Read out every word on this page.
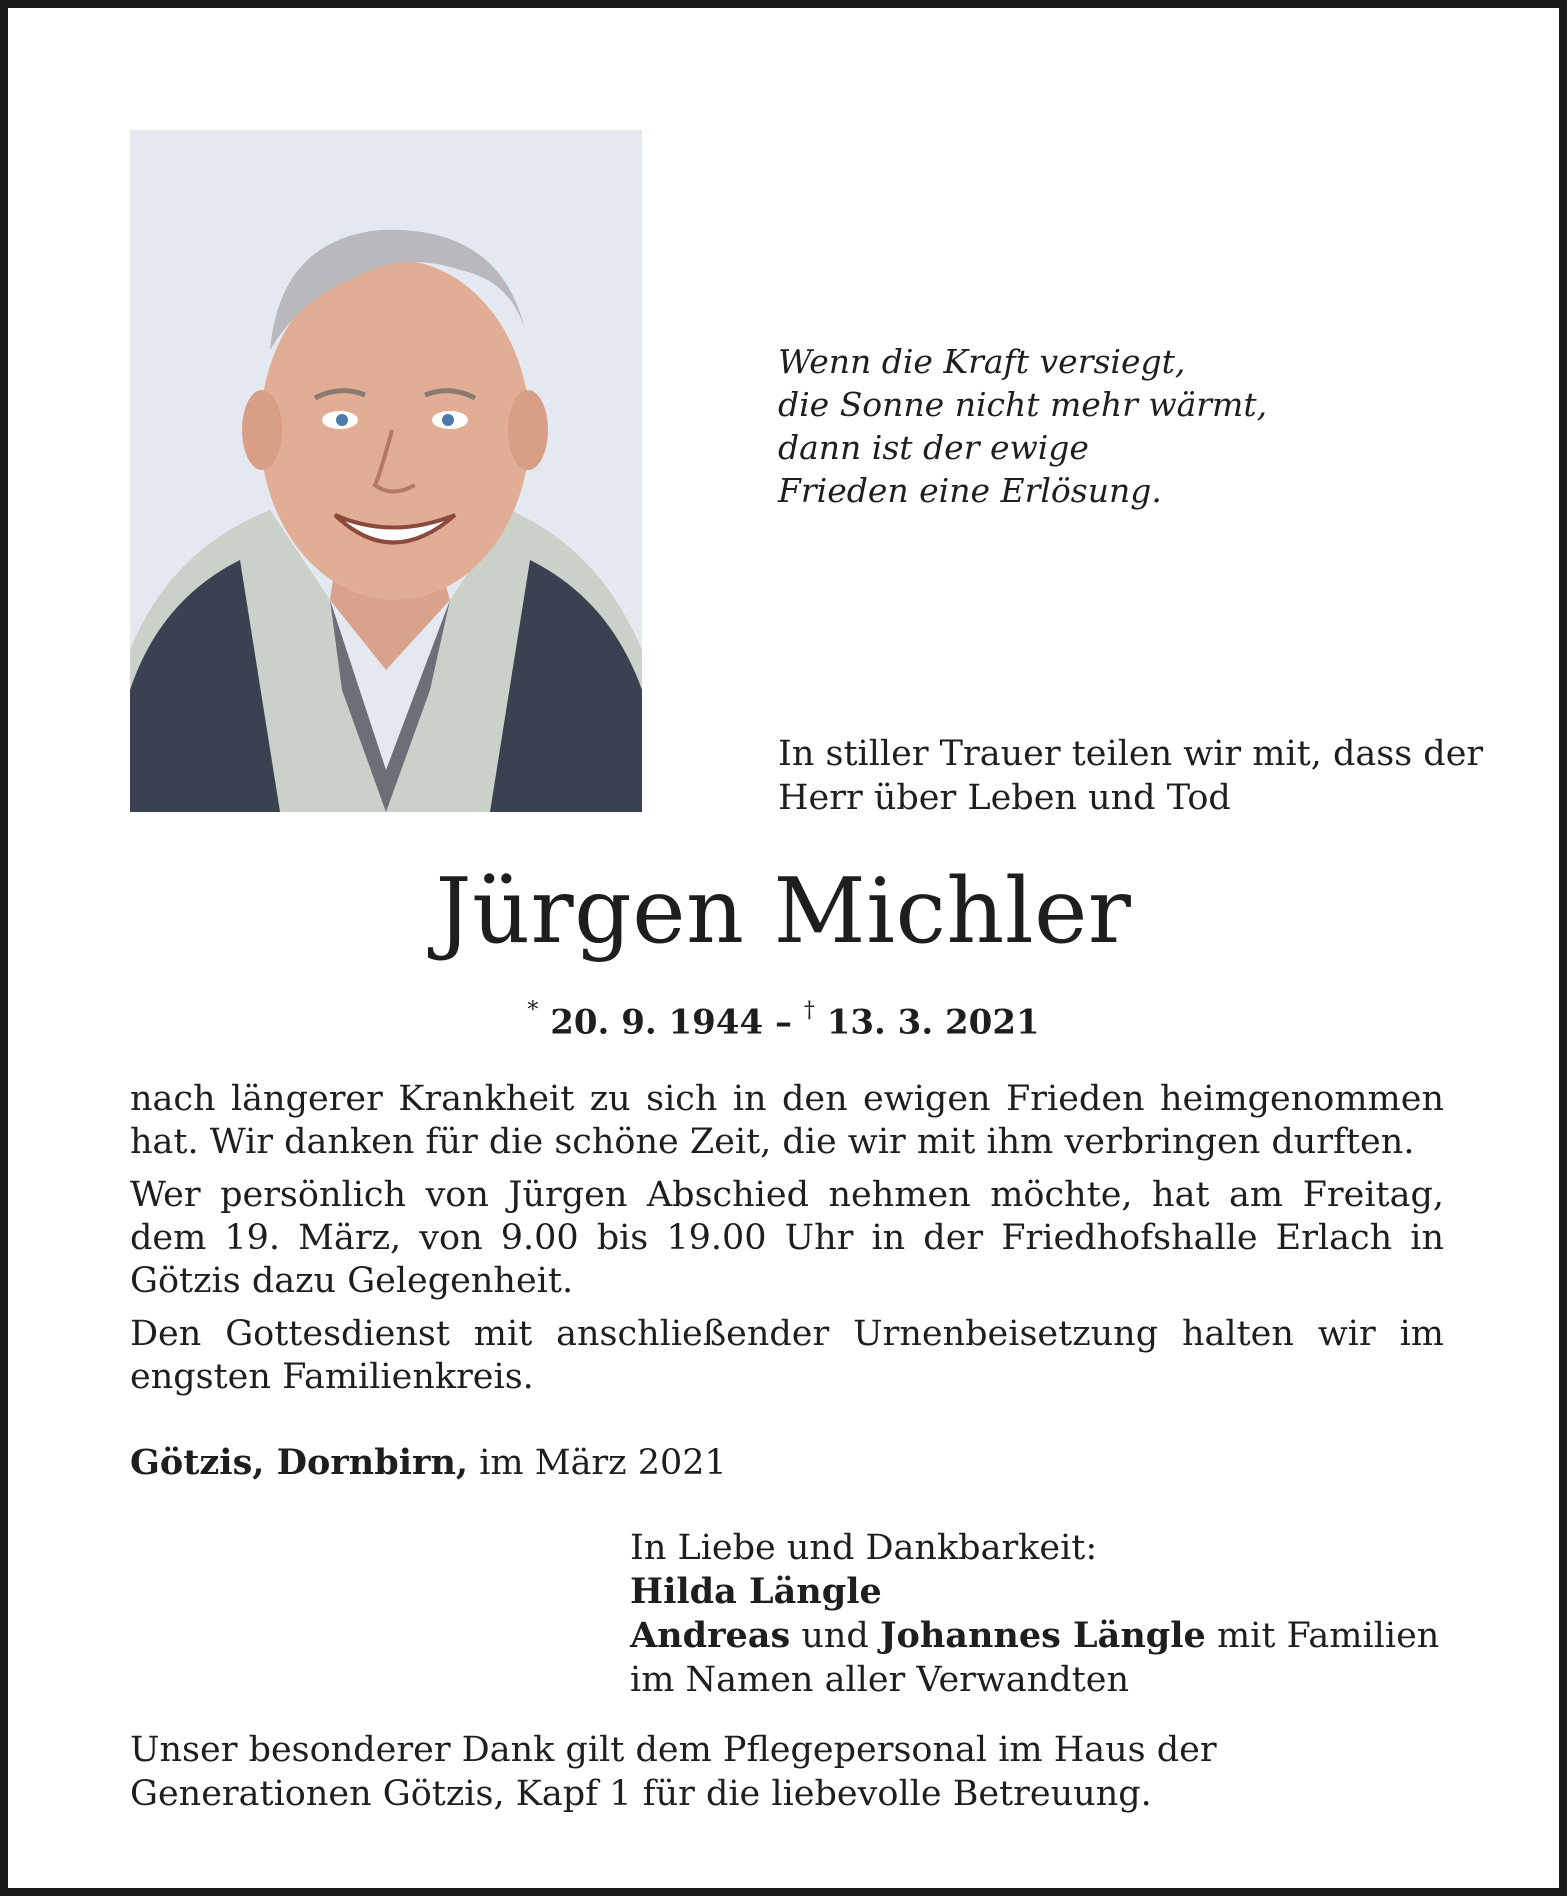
Wenn die Kraft versiegt,
die Sonne nicht mehr wärmt,
dann ist der ewige
Frieden eine Erlösung.
In stiller Trauer teilen wir mit, dass der
Herr über Leben und Tod
Jürgen Michler
* 20. 9. 1944 – † 13. 3. 2021

nach längerer Krankheit zu sich in den ewigen Frieden heimgenommen hat. Wir danken für die schöne Zeit, die wir mit ihm verbringen durften.

Wer persönlich von Jürgen Abschied nehmen möchte, hat am Freitag, dem 19. März, von 9.00 bis 19.00 Uhr in der Friedhofshalle Erlach in Götzis dazu Gelegenheit.

Den Gottesdienst mit anschließender Urnenbeisetzung halten wir im engsten Familienkreis.

Götzis, Dornbirn, im März 2021
In Liebe und Dankbarkeit:
Hilda Längle
Andreas und Johannes Längle mit Familien
im Namen aller Verwandten
Unser besonderer Dank gilt dem Pflegepersonal im Haus der Generationen Götzis, Kapf 1 für die liebevolle Betreuung.
